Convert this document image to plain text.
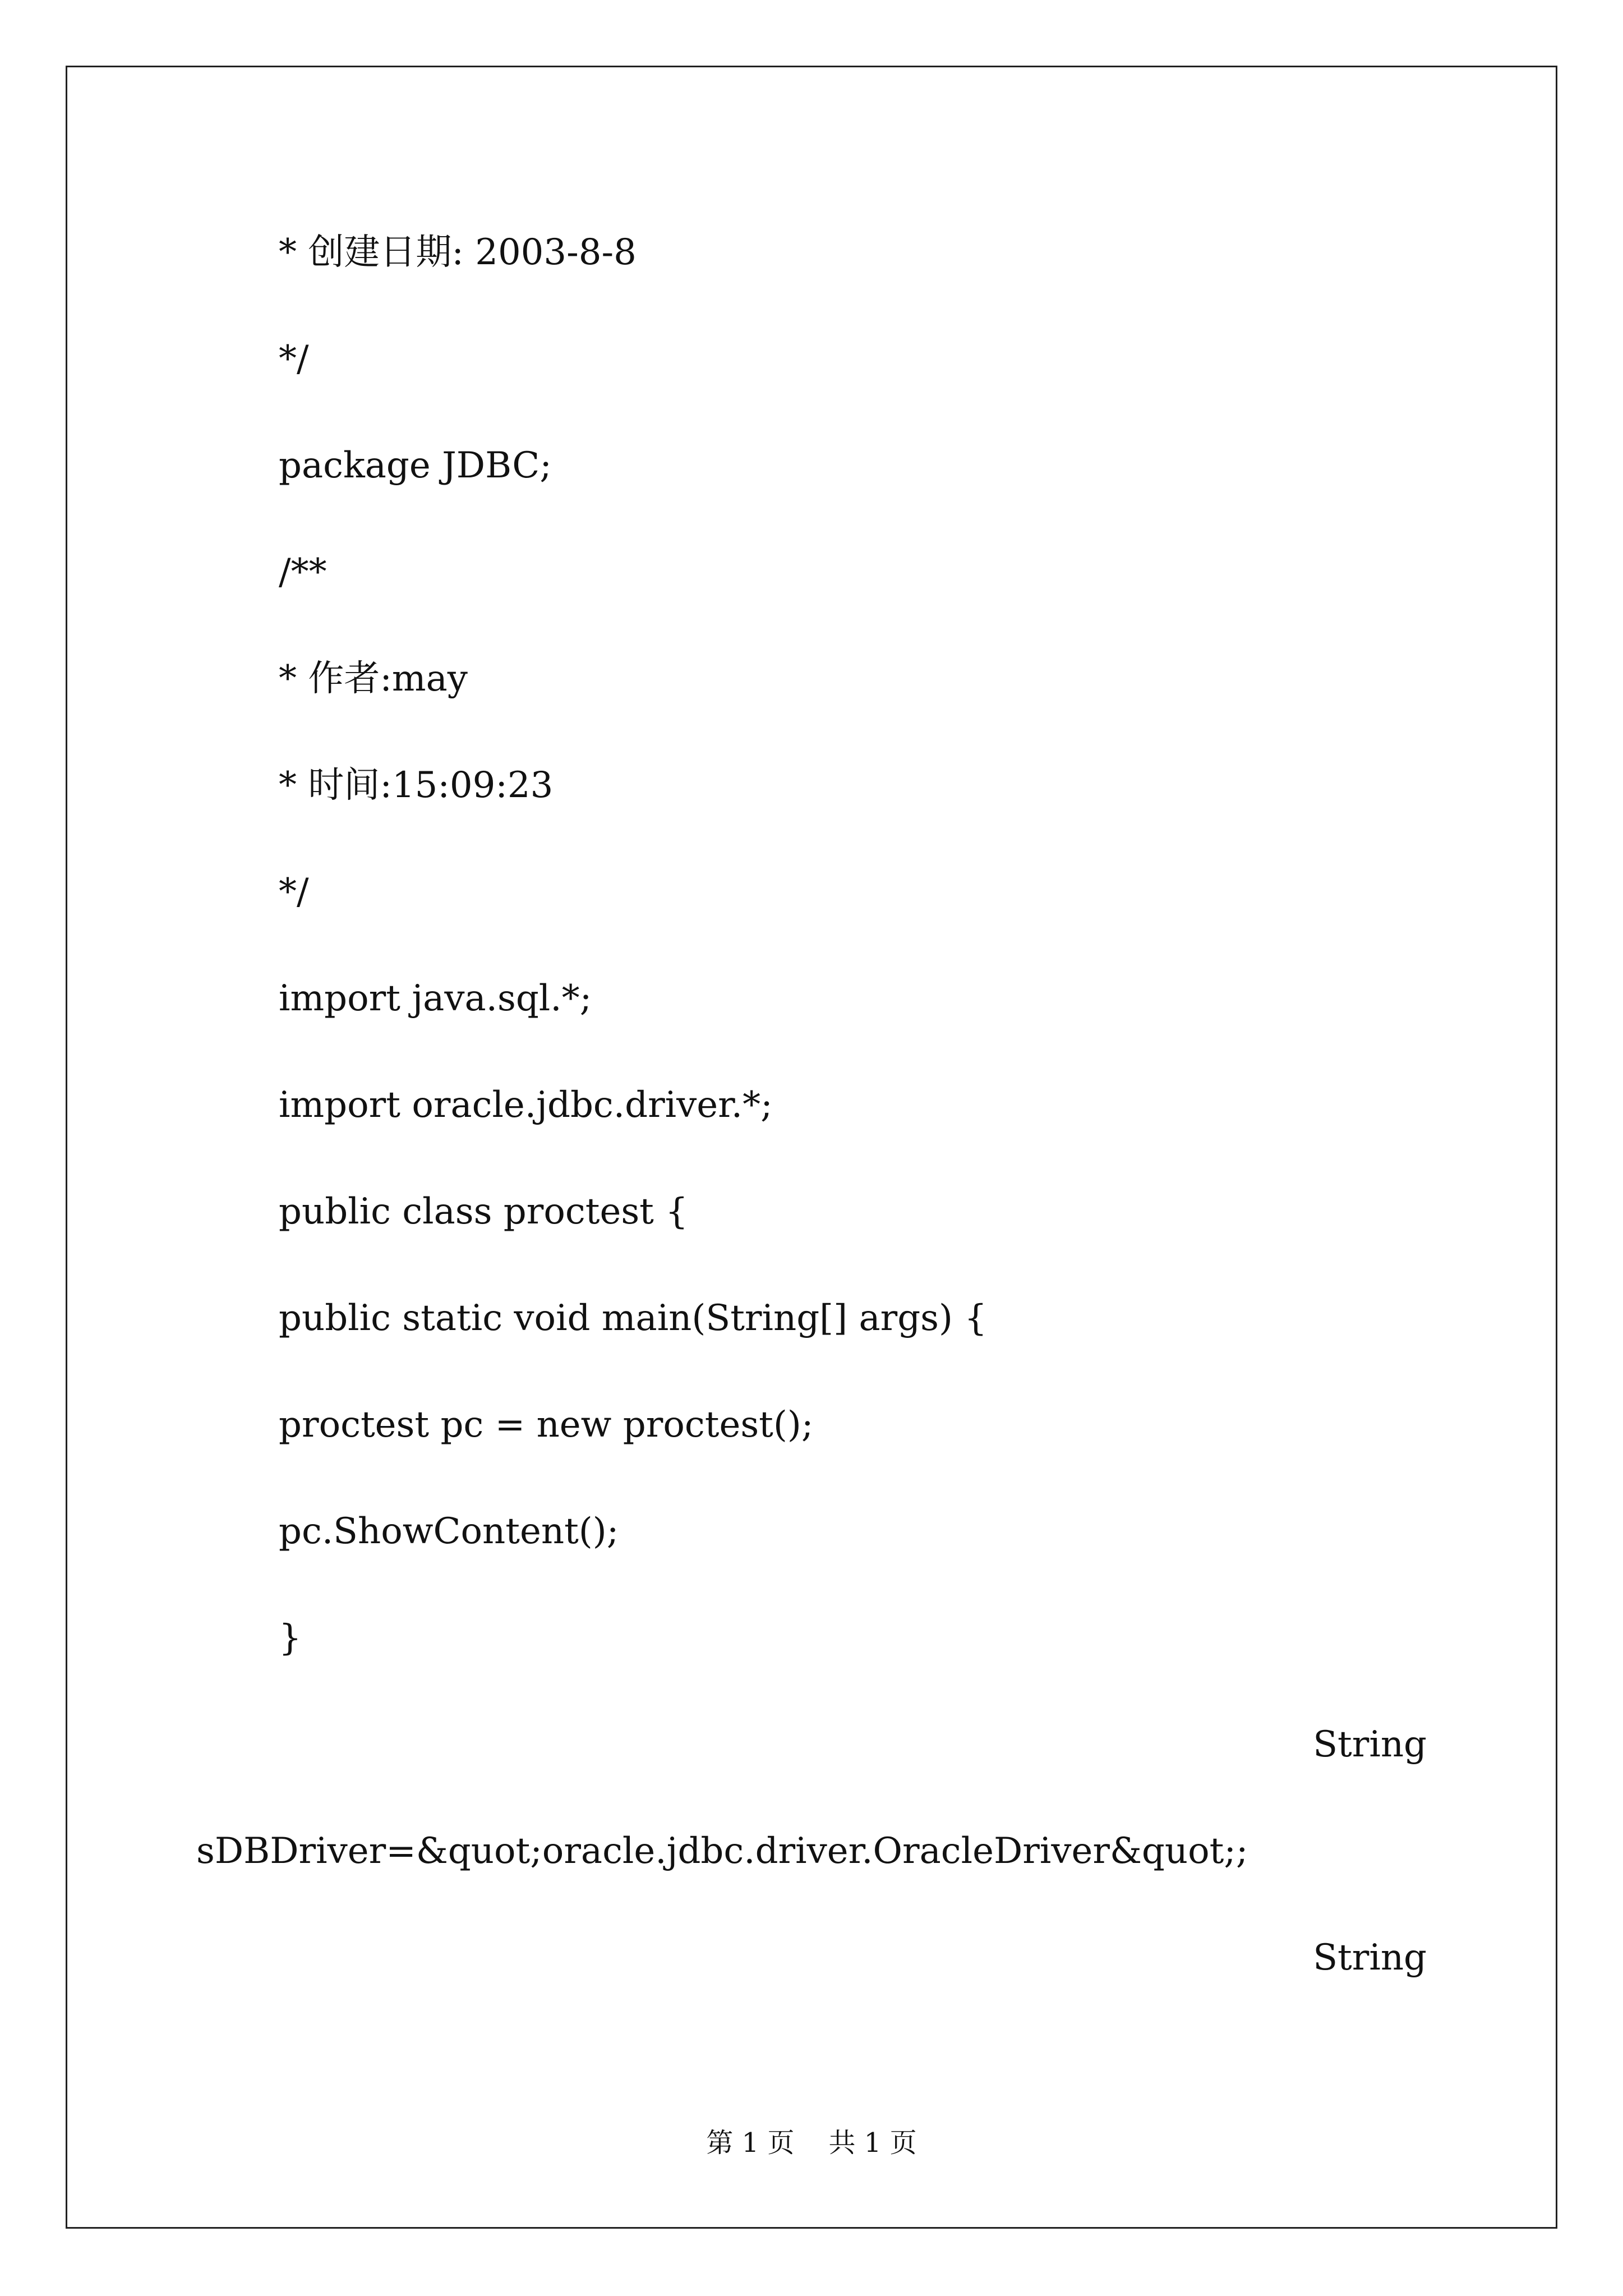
* 创建日期: 2003-8-8
*/
package JDBC;
/**
* 作者:may
* 时间:15:09:23
*/
import java.sql.*;
import oracle.jdbc.driver.*;
public class proctest {
public static void main(String[] args) {
proctest pc = new proctest();
pc.ShowContent();
}
String
sDBDriver=&quot;oracle.jdbc.driver.OracleDriver&quot;;
String
第 1 页    共 1 页
